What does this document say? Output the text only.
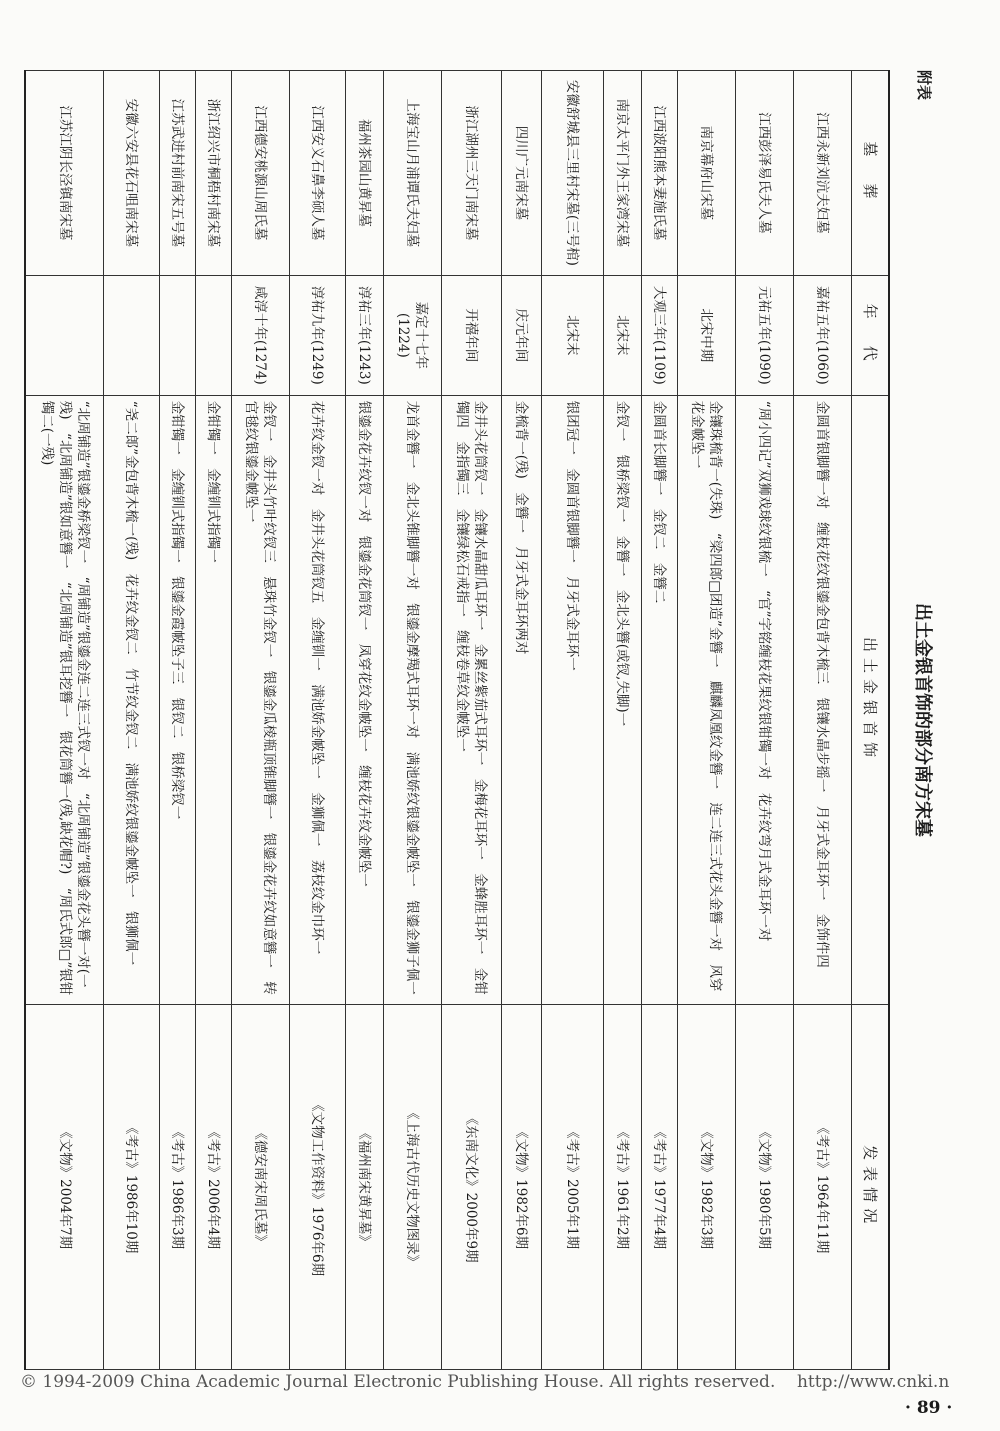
附表
出土金银首饰的部分南方宋墓
墓　葬	年　代	出土金银首饰	发表情况
江西永新刘沆夫妇墓	嘉祐五年(1060)	金圆首银脚簪一对　缠枝花纹银鎏金包背木梳三　银镶水晶步摇一　月牙式金耳环一　金饰件四	《考古》1964年11期
江西彭泽易氏夫人墓	元祐五年(1090)	“周小四记”双狮戏球纹银梳一　“官”字铭缠枝花果纹银钳镯一对　花卉纹弯月式金耳环一对	《文物》1980年5期
南京幕府山宋墓	北宋中期	金镶珠梳背一(失珠)　“梁四郎□团造”金簪一　麒麟凤凰纹金簪一　连二连三式花头金簪一对　风穿花金帔坠一	《文物》1982年3期
江西波阳熊本妻施氏墓	大观三年(1109)	金圆首长脚簪一　金钗二　金簪二	《考古》1977年4期
南京太平门外王家湾宋墓	北宋末	金钗一　银桥梁钗一　金簪一　金北头簪(或钗,失脚)一	《考古》1961年2期
安徽舒城县三里村宋墓(三号棺)	北宋末	银团冠一　金圆首银脚簪一　月牙式金耳环一	《考古》2005年1期
四川广元南宋墓	庆元年间	金梳背一(残)　金簪一　月牙式金耳环两对	《文物》1982年6期
浙江湖州三天门南宋墓	开禧年间	金井头花筒钗一　金镶水晶甜瓜耳环一　金累丝紫茄式耳环一　金梅花耳环一　金蜂胜耳环一　金钳镯四　金指镯三　金镶绿松石戒指一　缠枝卷草纹金帔坠一	《东南文化》2000年9期
上海宝山月浦谭氏夫妇墓	嘉定十七年(1224)	龙首金簪一　金北头锥脚簪一对　银鎏金摩羯式耳环一对　满池娇纹银鎏金帔坠一　银鎏金狮子佩一	《上海古代历史文物图录》
福州茶园山黄昇墓	淳祐三年(1243)	银鎏金花卉纹钗一对　银鎏金花筒钗一　凤穿花纹金帔坠一　缠枝花卉纹金帔坠一	《福州南宋黄昇墓》
江西安义石鼻李硕人墓	淳祐九年(1249)	花卉纹金钗一对　金井头花筒钗五　金缠钏一　满池娇金帔坠一　金狮佩一　荔枝纹金巾环一	《文物工作资料》1976年6期
江西德安桃源山周氏墓	咸淳十年(1274)	金钗一　金井头竹叶纹钗三　悬珠竹金钗一　银鎏金瓜棱瓶顶锥脚簪一　银鎏金花卉纹如意簪一　转官毬纹银鎏金帔坠一	《德安南宋周氏墓》
浙江绍兴市桐梧村南宋墓		金钳镯一　金缠钏式指镯一	《考古》2006年4期
江苏武进村前南宋五号墓		金钳镯一　金缠钏式指镯一　银鎏金霞帔坠子三　银钗二　银桥梁钗一	《考古》1986年3期
安徽六安县花石咀南宋墓		“尧二郎”金包背木梳一(残)　花卉纹金钗二　竹节纹金钗二　满池娇纹银鎏金帔坠一　银狮佩一	《考古》1986年10期
江苏江阴长泾镇南宋墓		“北周铺造”银鎏金桥梁钗一　“周铺造”银鎏金连二连三式钗一对　“北周铺造”银鎏金花头簪一对(一残)　“北周铺造”银如意簪一　“北周铺造”银耳挖簪一　银花筒簪一(残,缺花帽?)　“周氏式郎□”银钳镯二(一残)	《文物》2004年7期
© 1994-2009 China Academic Journal Electronic Publishing House. All rights reserved. http://www.cnki.n
· 89 ·
